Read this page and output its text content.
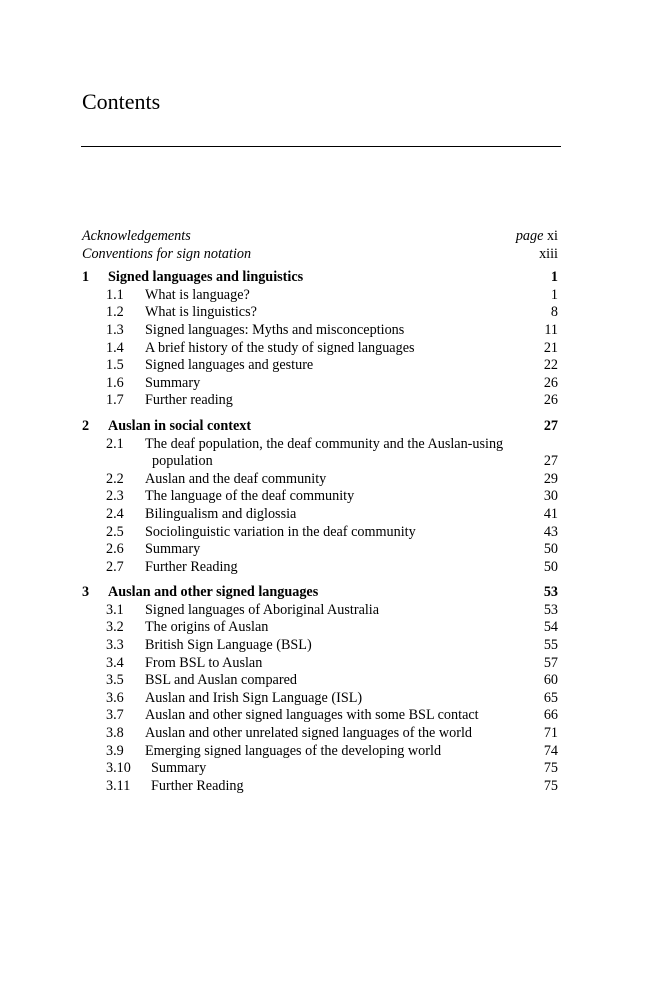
Contents
Acknowledgements	page xi
Conventions for sign notation	xiii
1	Signed languages and linguistics	1
1.1	What is language?	1
1.2	What is linguistics?	8
1.3	Signed languages: Myths and misconceptions	11
1.4	A brief history of the study of signed languages	21
1.5	Signed languages and gesture	22
1.6	Summary	26
1.7	Further reading	26
2	Auslan in social context	27
2.1	The deaf population, the deaf community and the Auslan-using
population	27
2.2	Auslan and the deaf community	29
2.3	The language of the deaf community	30
2.4	Bilingualism and diglossia	41
2.5	Sociolinguistic variation in the deaf community	43
2.6	Summary	50
2.7	Further Reading	50
3	Auslan and other signed languages	53
3.1	Signed languages of Aboriginal Australia	53
3.2	The origins of Auslan	54
3.3	British Sign Language (BSL)	55
3.4	From BSL to Auslan	57
3.5	BSL and Auslan compared	60
3.6	Auslan and Irish Sign Language (ISL)	65
3.7	Auslan and other signed languages with some BSL contact	66
3.8	Auslan and other unrelated signed languages of the world	71
3.9	Emerging signed languages of the developing world	74
3.10	Summary	75
3.11	Further Reading	75
